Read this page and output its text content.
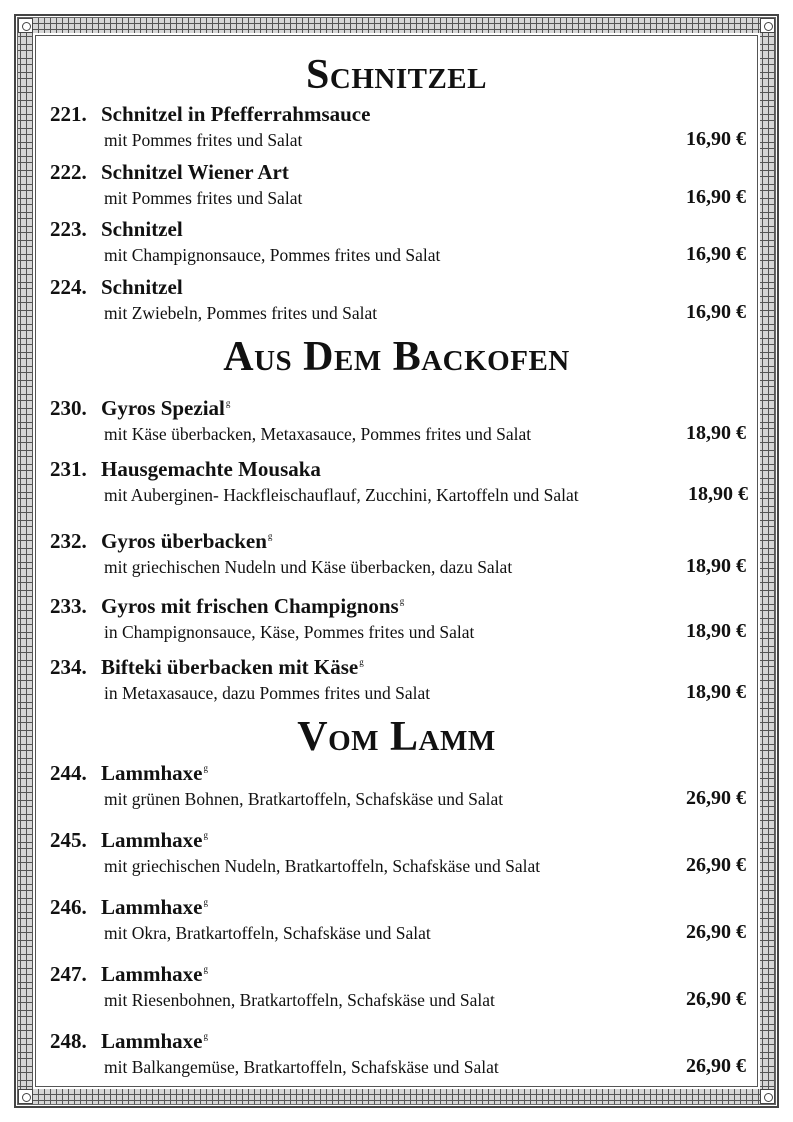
Schnitzel
221. Schnitzel in Pfefferrahmsauce
mit Pommes frites und Salat	16,90 €
222. Schnitzel Wiener Art
mit Pommes frites und Salat	16,90 €
223. Schnitzel
mit Champignonsauce, Pommes frites und Salat	16,90 €
224. Schnitzel
mit Zwiebeln, Pommes frites und Salat	16,90 €
Aus Dem Backofen
230. Gyros Spezial$^g$
mit Käse überbacken, Metaxasauce, Pommes frites und Salat	18,90 €
231. Hausgemachte Mousaka
mit Auberginen- Hackfleischauflauf, Zucchini, Kartoffeln und Salat	18,90 €
232. Gyros überbacken$^g$
mit griechischen Nudeln und Käse überbacken, dazu Salat	18,90 €
233. Gyros mit frischen Champignons$^g$
in Champignonsauce, Käse, Pommes frites und Salat	18,90 €
234. Bifteki überbacken mit Käse$^g$
in Metaxasauce, dazu Pommes frites und Salat	18,90 €
Vom Lamm
244. Lammhaxe$^g$
mit grünen Bohnen, Bratkartoffeln, Schafskäse und Salat	26,90 €
245. Lammhaxe$^g$
mit griechischen Nudeln, Bratkartoffeln, Schafskäse und Salat	26,90 €
246. Lammhaxe$^g$
mit Okra, Bratkartoffeln, Schafskäse und Salat	26,90 €
247. Lammhaxe$^g$
mit Riesenbohnen, Bratkartoffeln, Schafskäse und Salat	26,90 €
248. Lammhaxe$^g$
mit Balkangemüse, Bratkartoffeln, Schafskäse und Salat	26,90 €
